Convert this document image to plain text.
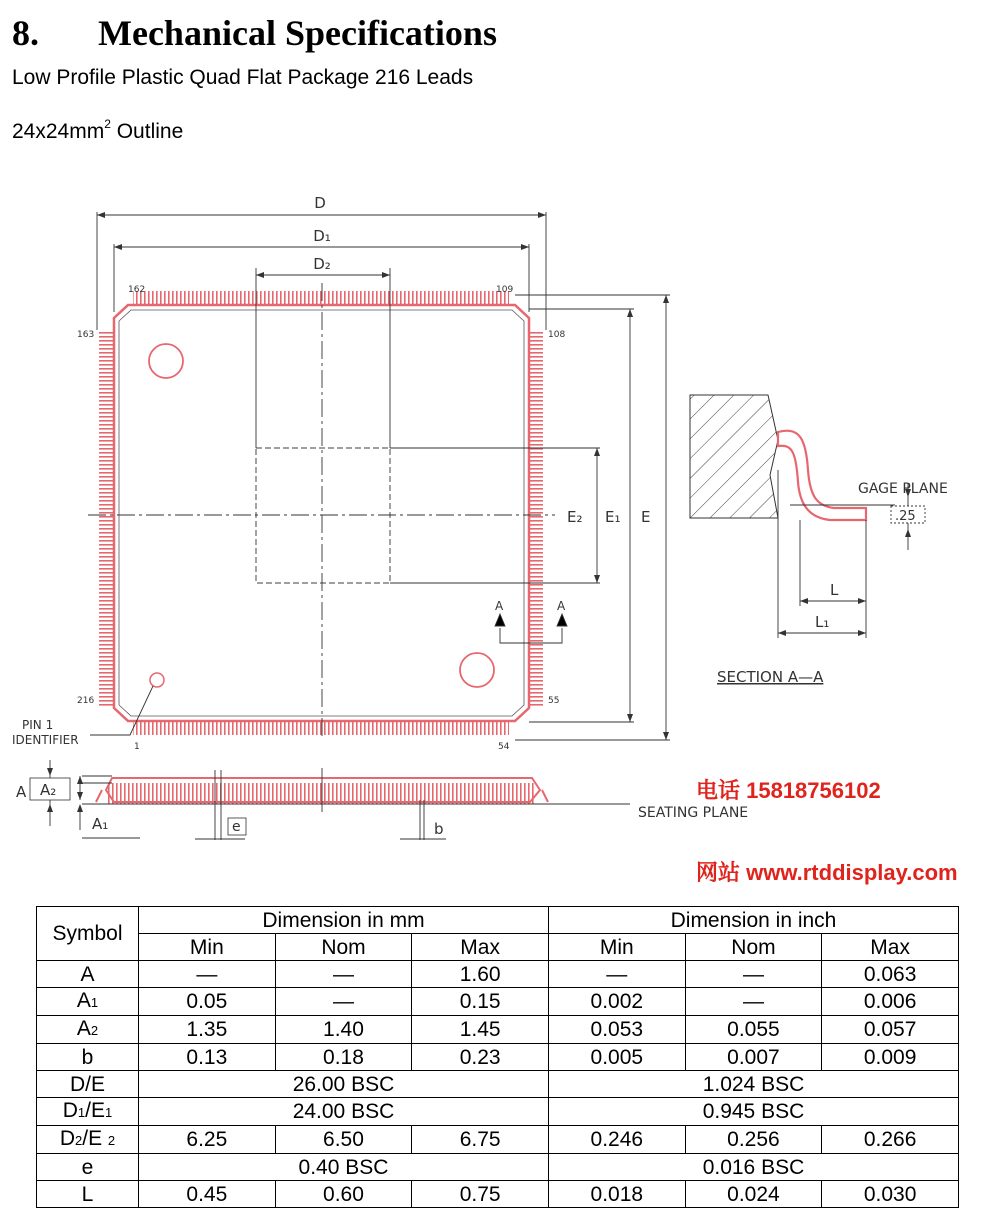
8. Mechanical Specifications
Low Profile Plastic Quad Flat Package 216 Leads
$24x24mm^2$ Outline
D
D₁
D₂
E₂ E₁ E
162	109
163	108
216	55
1	54
PIN 1
IDENTIFIER
A	A
GAGE PLANE
.25
L
L₁
SECTION A—A
A A₂
A₁	e	b
SEATING PLANE
电话 15818756102
网站 www.rtddisplay.com
Symbol	Dimension in mm			Dimension in inch		
	Min	Nom	Max	Min	Nom	Max
A	—	—	1.60	—	—	0.063
A1	0.05	—	0.15	0.002	—	0.006
A2	1.35	1.40	1.45	0.053	0.055	0.057
b	0.13	0.18	0.23	0.005	0.007	0.009
D/E	26.00 BSC			1.024 BSC		
D1/E1	24.00 BSC			0.945 BSC		
D2/E 2	6.25	6.50	6.75	0.246	0.256	0.266
e	0.40 BSC			0.016 BSC		
L	0.45	0.60	0.75	0.018	0.024	0.030
